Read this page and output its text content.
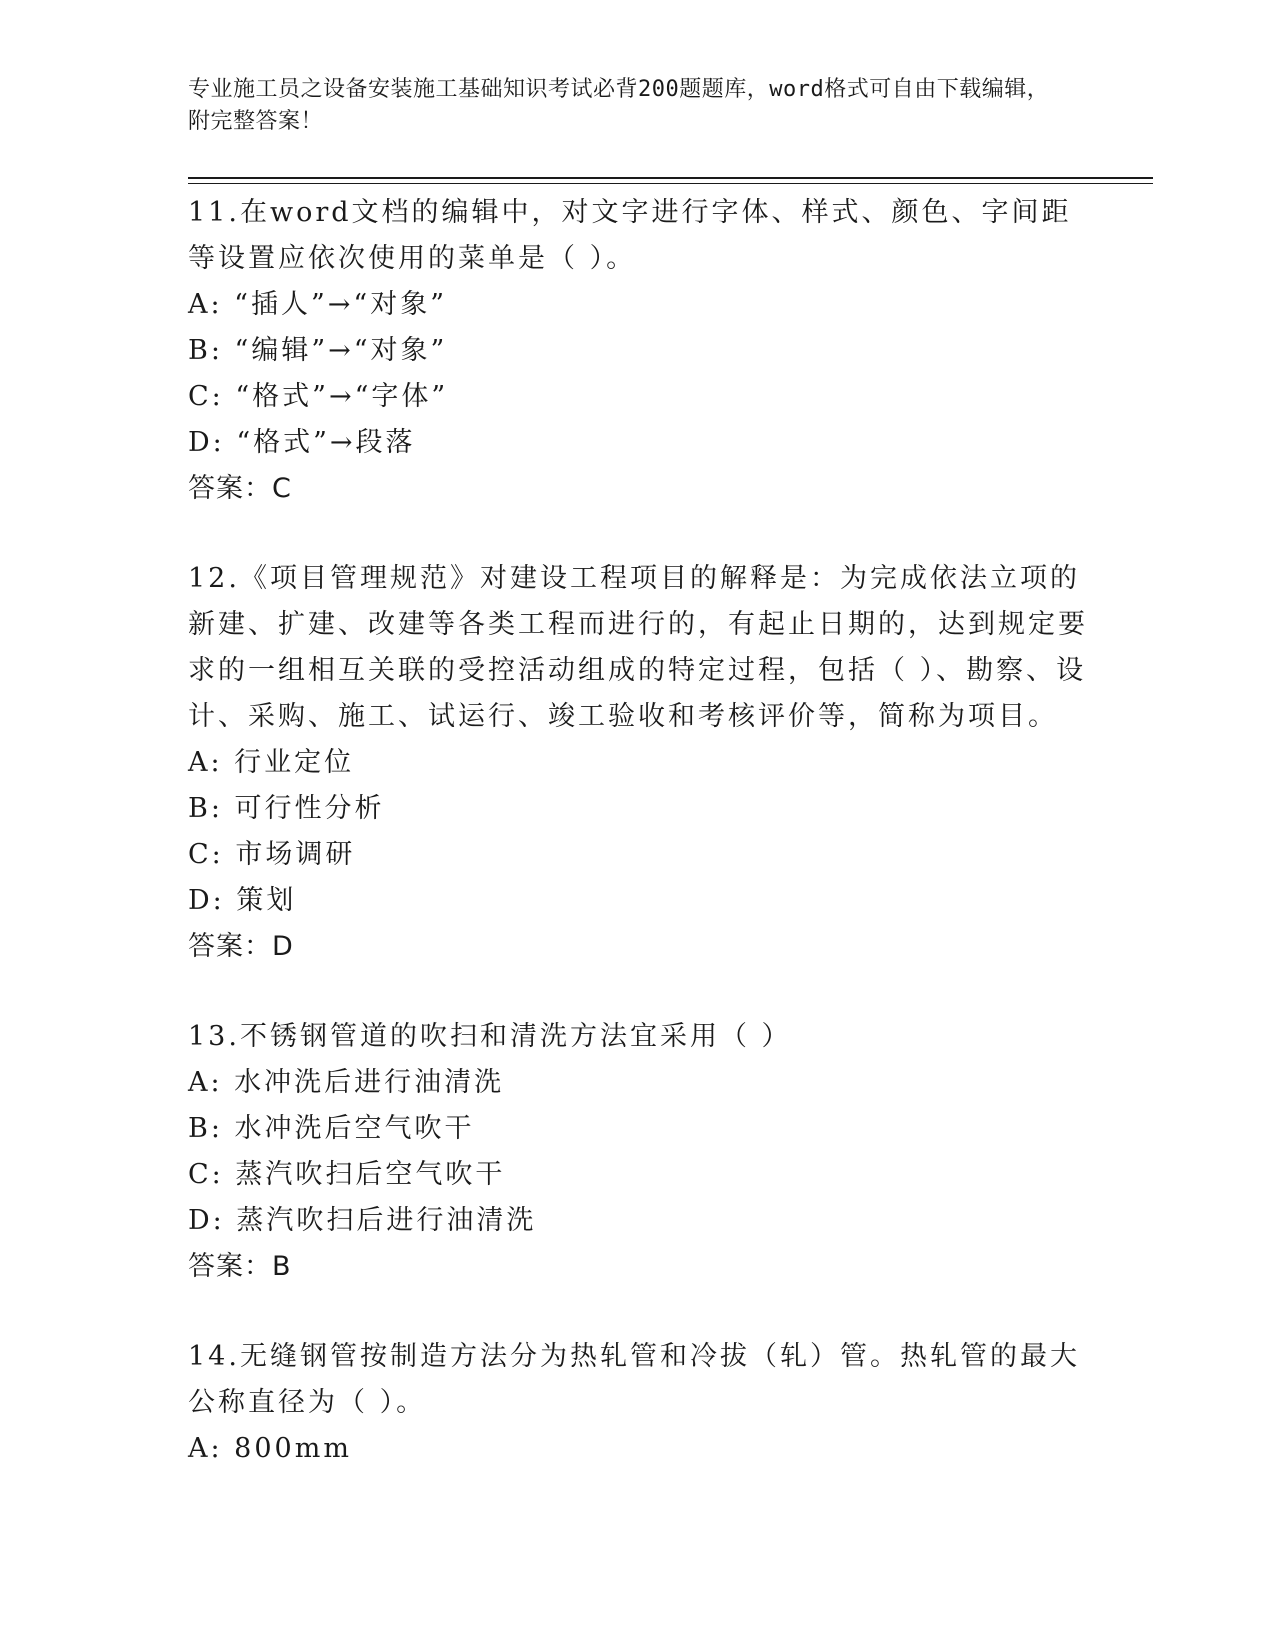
专业施工员之设备安装施工基础知识考试必背200题题库，word格式可自由下载编辑，附完整答案！

11.在word文档的编辑中，对文字进行字体、样式、颜色、字间距等设置应依次使用的菜单是（ ）。

A: “插人”→“对象”

B: “编辑”→“对象”

C: “格式”→“字体”

D: “格式”→段落

答案：C

12.《项目管理规范》对建设工程项目的解释是：为完成依法立项的新建、扩建、改建等各类工程而进行的，有起止日期的，达到规定要求的一组相互关联的受控活动组成的特定过程，包括（ ）、勘察、设计、采购、施工、试运行、竣工验收和考核评价等，简称为项目。

A: 行业定位

B: 可行性分析

C: 市场调研

D: 策划

答案：D

13.不锈钢管道的吹扫和清洗方法宜采用（ ）

A: 水冲洗后进行油清洗

B: 水冲洗后空气吹干

C: 蒸汽吹扫后空气吹干

D: 蒸汽吹扫后进行油清洗

答案：B

14.无缝钢管按制造方法分为热轧管和冷拔（轧）管。热轧管的最大公称直径为（ ）。

A: 800mm
